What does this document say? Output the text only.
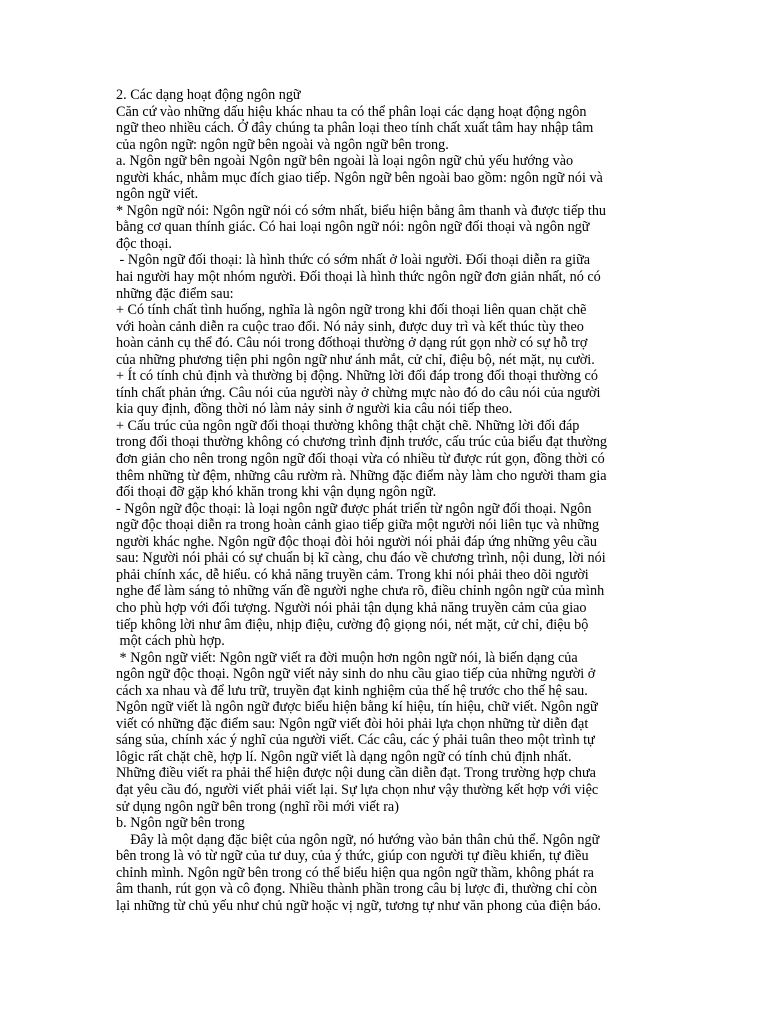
2. Các dạng hoạt động ngôn ngữ
Căn cứ vào những dấu hiệu khác nhau ta có thể phân loại các dạng hoạt động ngôn
ngữ theo nhiều cách. Ở đây chúng ta phân loại theo tính chất xuất tâm hay nhập tâm
của ngôn ngữ: ngôn ngữ bên ngoài và ngôn ngữ bên trong.
a. Ngôn ngữ bên ngoài Ngôn ngữ bên ngoài là loại ngôn ngữ chủ yếu hướng vào
người khác, nhằm mục đích giao tiếp. Ngôn ngữ bên ngoài bao gồm: ngôn ngữ nói và
ngôn ngữ viết.
* Ngôn ngữ nói: Ngôn ngữ nói có sớm nhất, biểu hiện bằng âm thanh và được tiếp thu
bằng cơ quan thính giác. Có hai loại ngôn ngữ nói: ngôn ngữ đối thoại và ngôn ngữ
độc thoại.
- Ngôn ngữ đối thoại: là hình thức có sớm nhất ở loài người. Đối thoại diễn ra giữa
hai người hay một nhóm người. Đối thoại là hình thức ngôn ngữ đơn giản nhất, nó có
những đặc điểm sau:
+ Có tính chất tình huống, nghĩa là ngôn ngữ trong khi đối thoại liên quan chặt chẽ
với hoàn cảnh diễn ra cuộc trao đổi. Nó nảy sinh, được duy trì và kết thúc tùy theo
hoàn cảnh cụ thể đó. Câu nói trong đốthoại thường ở dạng rút gọn nhờ có sự hỗ trợ
của những phương tiện phi ngôn ngữ như ánh mắt, cử chỉ, điệu bộ, nét mặt, nụ cười.
+ Ít có tính chủ định và thường bị động. Những lời đối đáp trong đối thoại thường có
tính chất phản ứng. Câu nói của người này ở chừng mực nào đó do câu nói của người
kia quy định, đồng thời nó làm nảy sinh ở người kia câu nói tiếp theo.
+ Cấu trúc của ngôn ngữ đối thoại thường không thật chặt chẽ. Những lời đối đáp
trong đối thoại thường không có chương trình định trước, cấu trúc của biểu đạt thường
đơn giản cho nên trong ngôn ngữ đối thoại vừa có nhiều từ được rút gọn, đồng thời có
thêm những từ đệm, những câu rườm rà. Những đặc điểm này làm cho người tham gia
đối thoại đỡ gặp khó khăn trong khi vận dụng ngôn ngữ.
- Ngôn ngữ độc thoại: là loại ngôn ngữ được phát triển từ ngôn ngữ đối thoại. Ngôn
ngữ độc thoại diễn ra trong hoàn cảnh giao tiếp giữa một người nói liên tục và những
người khác nghe. Ngôn ngữ độc thoại đòi hỏi người nói phải đáp ứng những yêu cầu
sau: Người nói phải có sự chuẩn bị kĩ càng, chu đáo về chương trình, nội dung, lời nói
phải chính xác, dễ hiểu. có khả năng truyền cảm. Trong khi nói phải theo dõi người
nghe để làm sáng tỏ những vấn đề người nghe chưa rõ, điều chỉnh ngôn ngữ của mình
cho phù hợp với đối tượng. Người nói phải tận dụng khả năng truyền cảm của giao
tiếp không lời như âm điệu, nhịp điệu, cường độ giọng nói, nét mặt, cử chỉ, điệu bộ
một cách phù hợp.
* Ngôn ngữ viết: Ngôn ngữ viết ra đời muộn hơn ngôn ngữ nói, là biến dạng của
ngôn ngữ độc thoại. Ngôn ngữ viết nảy sinh do nhu cầu giao tiếp của những người ở
cách xa nhau và để lưu trữ, truyền đạt kinh nghiệm của thế hệ trước cho thế hệ sau.
Ngôn ngữ viết là ngôn ngữ được biểu hiện bằng kí hiệu, tín hiệu, chữ viết. Ngôn ngữ
viết có những đặc điểm sau: Ngôn ngữ viết đòi hỏi phải lựa chọn những từ diễn đạt
sáng sủa, chính xác ý nghĩ của người viết. Các câu, các ý phải tuân theo một trình tự
lôgic rất chặt chẽ, hợp lí. Ngôn ngữ viết là dạng ngôn ngữ có tính chủ định nhất.
Những điều viết ra phải thể hiện được nội dung cần diễn đạt. Trong trường hợp chưa
đạt yêu cầu đó, người viết phải viết lại. Sự lựa chọn như vậy thường kết hợp với việc
sử dụng ngôn ngữ bên trong (nghĩ rồi mới viết ra)
b. Ngôn ngữ bên trong
Đây là một dạng đặc biệt của ngôn ngữ, nó hướng vào bản thân chủ thể. Ngôn ngữ
bên trong là vỏ từ ngữ của tư duy, của ý thức, giúp con người tự điều khiển, tự điều
chỉnh mình. Ngôn ngữ bên trong có thể biểu hiện qua ngôn ngữ thầm, không phát ra
âm thanh, rút gọn và cô đọng. Nhiều thành phần trong câu bị lược đi, thường chỉ còn
lại những từ chủ yếu như chủ ngữ hoặc vị ngữ, tương tự như văn phong của điện báo.
